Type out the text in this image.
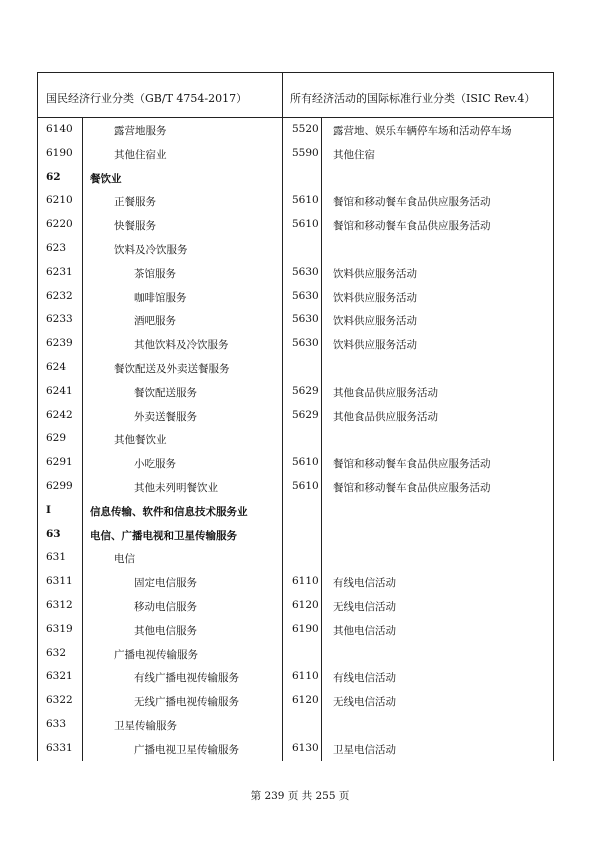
国民经济行业分类（GB/T 4754-2017）	所有经济活动的国际标准行业分类（ISIC Rev.4）
6140	露营地服务	5520 露营地、娱乐车辆停车场和活动停车场
6190	其他住宿业	5590 其他住宿
62	餐饮业
6210	正餐服务	5610 餐馆和移动餐车食品供应服务活动
6220	快餐服务	5610 餐馆和移动餐车食品供应服务活动
623	饮料及冷饮服务
6231	茶馆服务	5630 饮料供应服务活动
6232	咖啡馆服务	5630 饮料供应服务活动
6233	酒吧服务	5630 饮料供应服务活动
6239	其他饮料及冷饮服务	5630 饮料供应服务活动
624	餐饮配送及外卖送餐服务
6241	餐饮配送服务	5629 其他食品供应服务活动
6242	外卖送餐服务	5629 其他食品供应服务活动
629	其他餐饮业
6291	小吃服务	5610 餐馆和移动餐车食品供应服务活动
6299	其他未列明餐饮业	5610 餐馆和移动餐车食品供应服务活动
I	信息传输、软件和信息技术服务业
63	电信、广播电视和卫星传输服务
631	电信
6311	固定电信服务	6110 有线电信活动
6312	移动电信服务	6120 无线电信活动
6319	其他电信服务	6190 其他电信活动
632	广播电视传输服务
6321	有线广播电视传输服务	6110 有线电信活动
6322	无线广播电视传输服务	6120 无线电信活动
633	卫星传输服务
6331	广播电视卫星传输服务	6130 卫星电信活动
第 239 页 共 255 页
